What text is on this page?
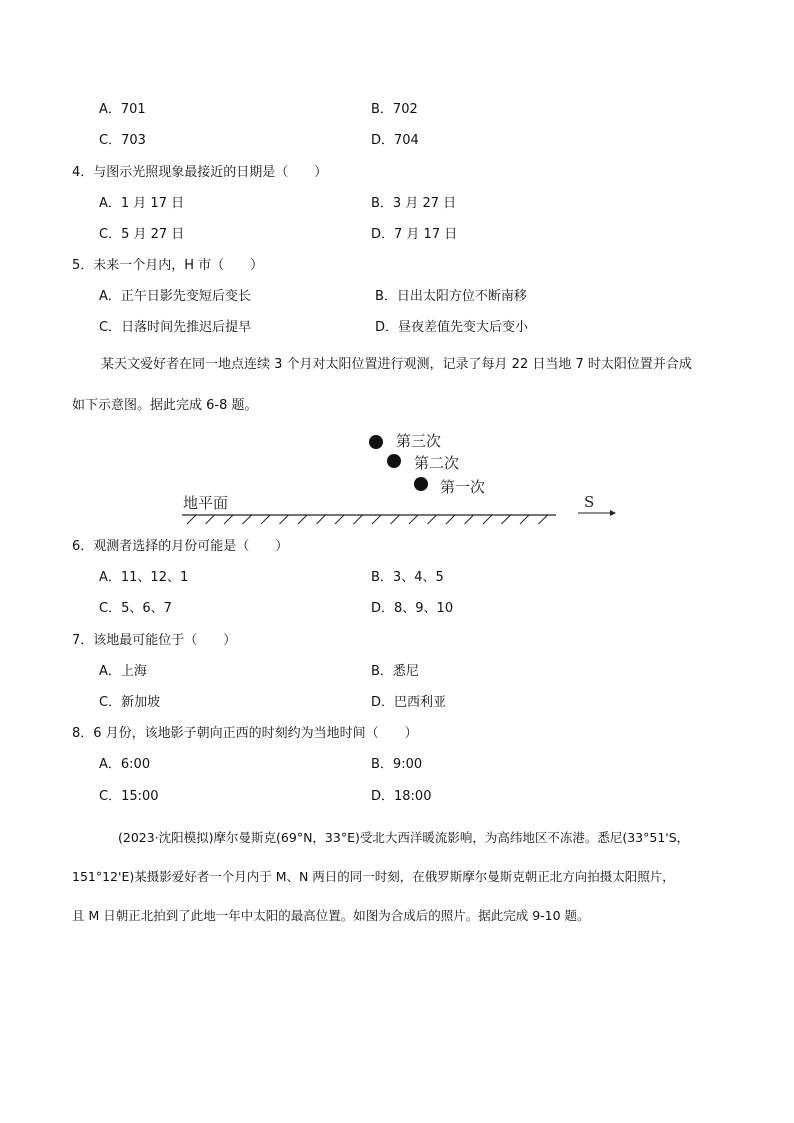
A．701	B．702
C．703	D．704
4．与图示光照现象最接近的日期是（　　）
A．1 月 17 日	B．3 月 27 日
C．5 月 27 日	D．7 月 17 日
5．未来一个月内，H 市（　　）
A．正午日影先变短后变长	B．日出太阳方位不断南移
C．日落时间先推迟后提早	D．昼夜差值先变大后变小
某天文爱好者在同一地点连续 3 个月对太阳位置进行观测，记录了每月 22 日当地 7 时太阳位置并合成
如下示意图。据此完成 6-8 题。
第三次
第二次
第一次
地平面	S
6．观测者选择的月份可能是（　　）
A．11、12、1	B．3、4、5
C．5、6、7	D．8、9、10
7．该地最可能位于（　　）
A．上海	B．悉尼
C．新加坡	D．巴西利亚
8．6 月份，该地影子朝向正西的时刻约为当地时间（　　）
A．6:00	B．9:00
C．15:00	D．18:00
(2023·沈阳模拟)摩尔曼斯克(69°N，33°E)受北大西洋暖流影响，为高纬地区不冻港。悉尼(33°51'S，
151°12'E)某摄影爱好者一个月内于 M、N 两日的同一时刻，在俄罗斯摩尔曼斯克朝正北方向拍摄太阳照片，
且 M 日朝正北拍到了此地一年中太阳的最高位置。如图为合成后的照片。据此完成 9-10 题。
